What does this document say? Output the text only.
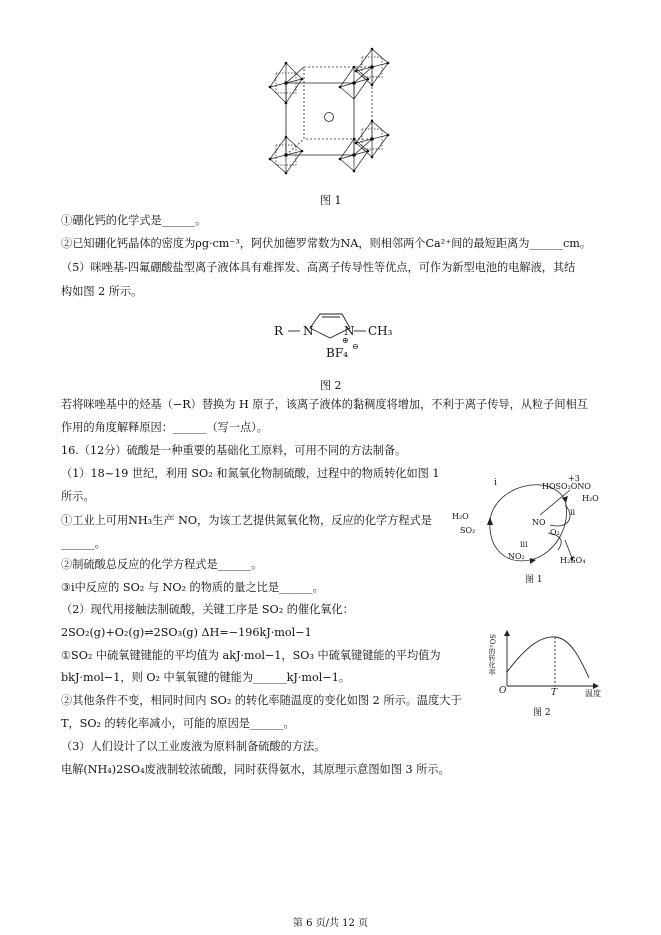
图 1
①硼化钙的化学式是______。
②已知硼化钙晶体的密度为ρg·cm⁻³，阿伏加德罗常数为NA，则相邻两个Ca²⁺间的最短距离为______cm。
（5）咪唑基-四氟硼酸盐型离子液体具有难挥发、高离子传导性等优点，可作为新型电池的电解液，其结
构如图 2 所示。
R N	N
⊕
CH₃
BF₄ ⊖
图 2
若将咪唑基中的烃基（−R）替换为 H 原子，该离子液体的黏稠度将增加，不利于离子传导，从粒子间相互
作用的角度解释原因：______（写一点）。
16.（12分）硫酸是一种重要的基础化工原料，可用不同的方法制备。
（1）18~19 世纪，利用 SO₂ 和氮氧化物制硫酸，过程中的物质转化如图 1
所示。
①工业上可用NH₃生产 NO，为该工艺提供氮氧化物，反应的化学方程式是
______。
②制硫酸总反应的化学方程式是______。
③ⅰ中反应的 SO₂ 与 NO₂ 的物质的量之比是______。
（2）现代用接触法制硫酸，关键工序是 SO₂ 的催化氧化：
2SO₂(g)+O₂(g)⇌2SO₃(g) ΔH=−196kJ·mol−1
①SO₂ 中硫氧键键能的平均值为 akJ·mol−1，SO₃ 中硫氧键键能的平均值为
bkJ·mol−1，则 O₂ 中氧氧键的键能为______kJ·mol−1。
②其他条件不变，相同时间内 SO₂ 的转化率随温度的变化如图 2 所示。温度大于
T，SO₂ 的转化率减小，可能的原因是______。
（3）人们设计了以工业废液为原料制备硫酸的方法。
电解(NH₄)2SO₄废液制较浓硫酸，同时获得氨水，其原理示意图如图 3 所示。
i	+3
HOSO₂ONO
H₂O
ii
H₂O
SO₂
NO
O₂
iii
NO₂	H₂SO₄
图 1
SO₂的转化率
O	T	温度
图 2
第 6 页/共 12 页
